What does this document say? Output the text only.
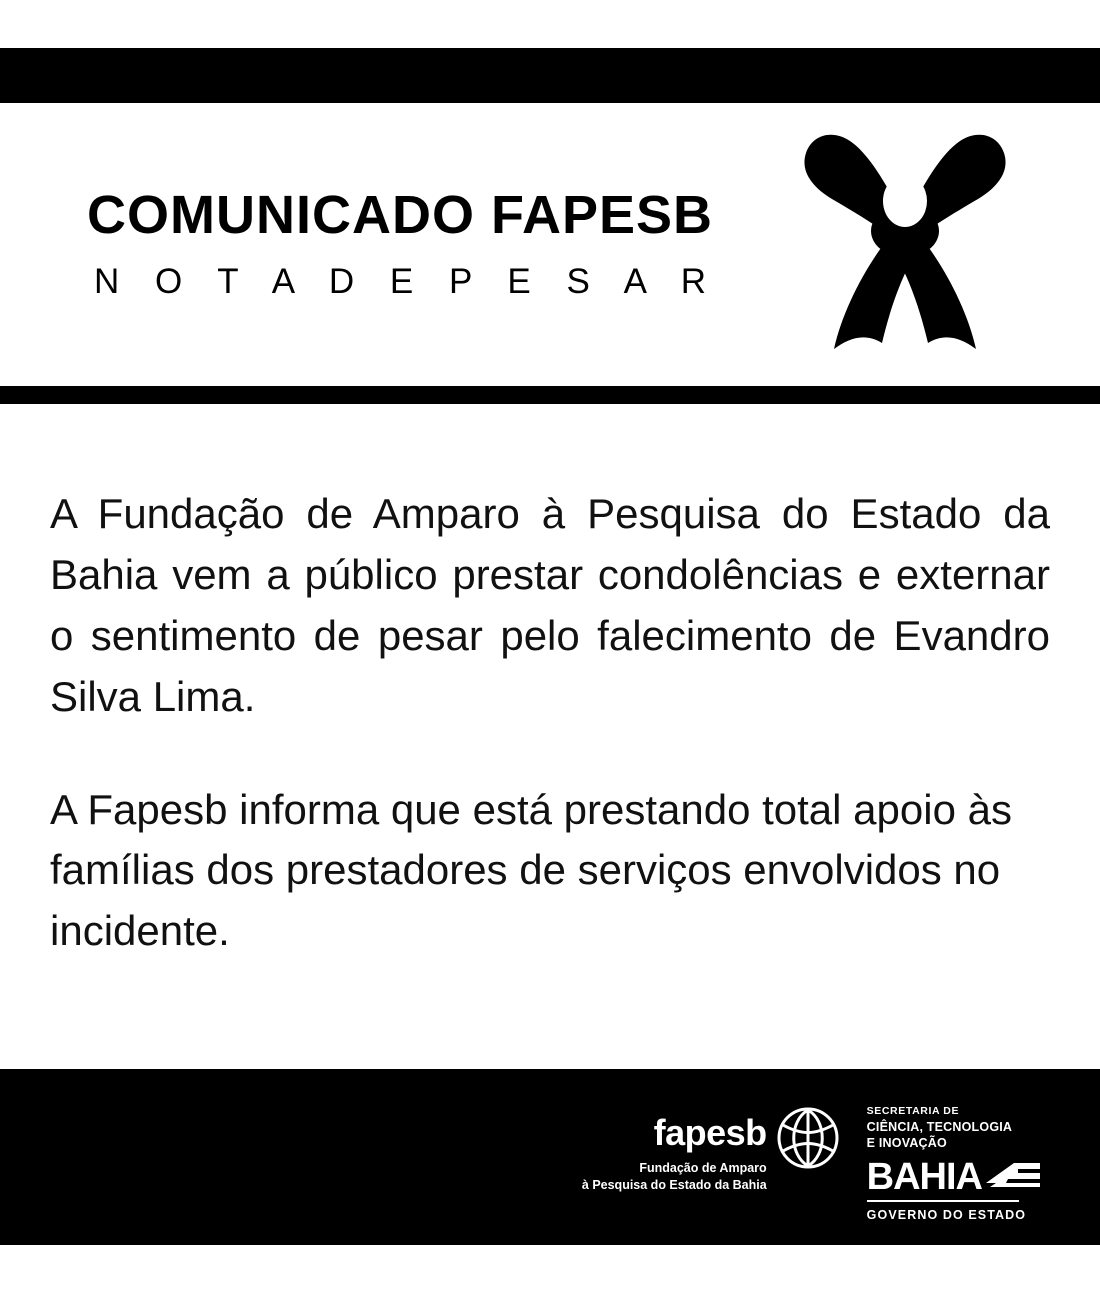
COMUNICADO FAPESB
N O T A D E P E S A R

A Fundação de Amparo à Pesquisa do Estado da Bahia vem a público prestar condolências e externar o sentimento de pesar pelo falecimento de Evandro Silva Lima.

A Fapesb informa que está prestando total apoio às famílias dos prestadores de serviços envolvidos no incidente.

fapesb
Fundação de Amparo
à Pesquisa do Estado da Bahia
SECRETARIA DE
CIÊNCIA, TECNOLOGIA
E INOVAÇÃO
BAHIA
GOVERNO DO ESTADO
